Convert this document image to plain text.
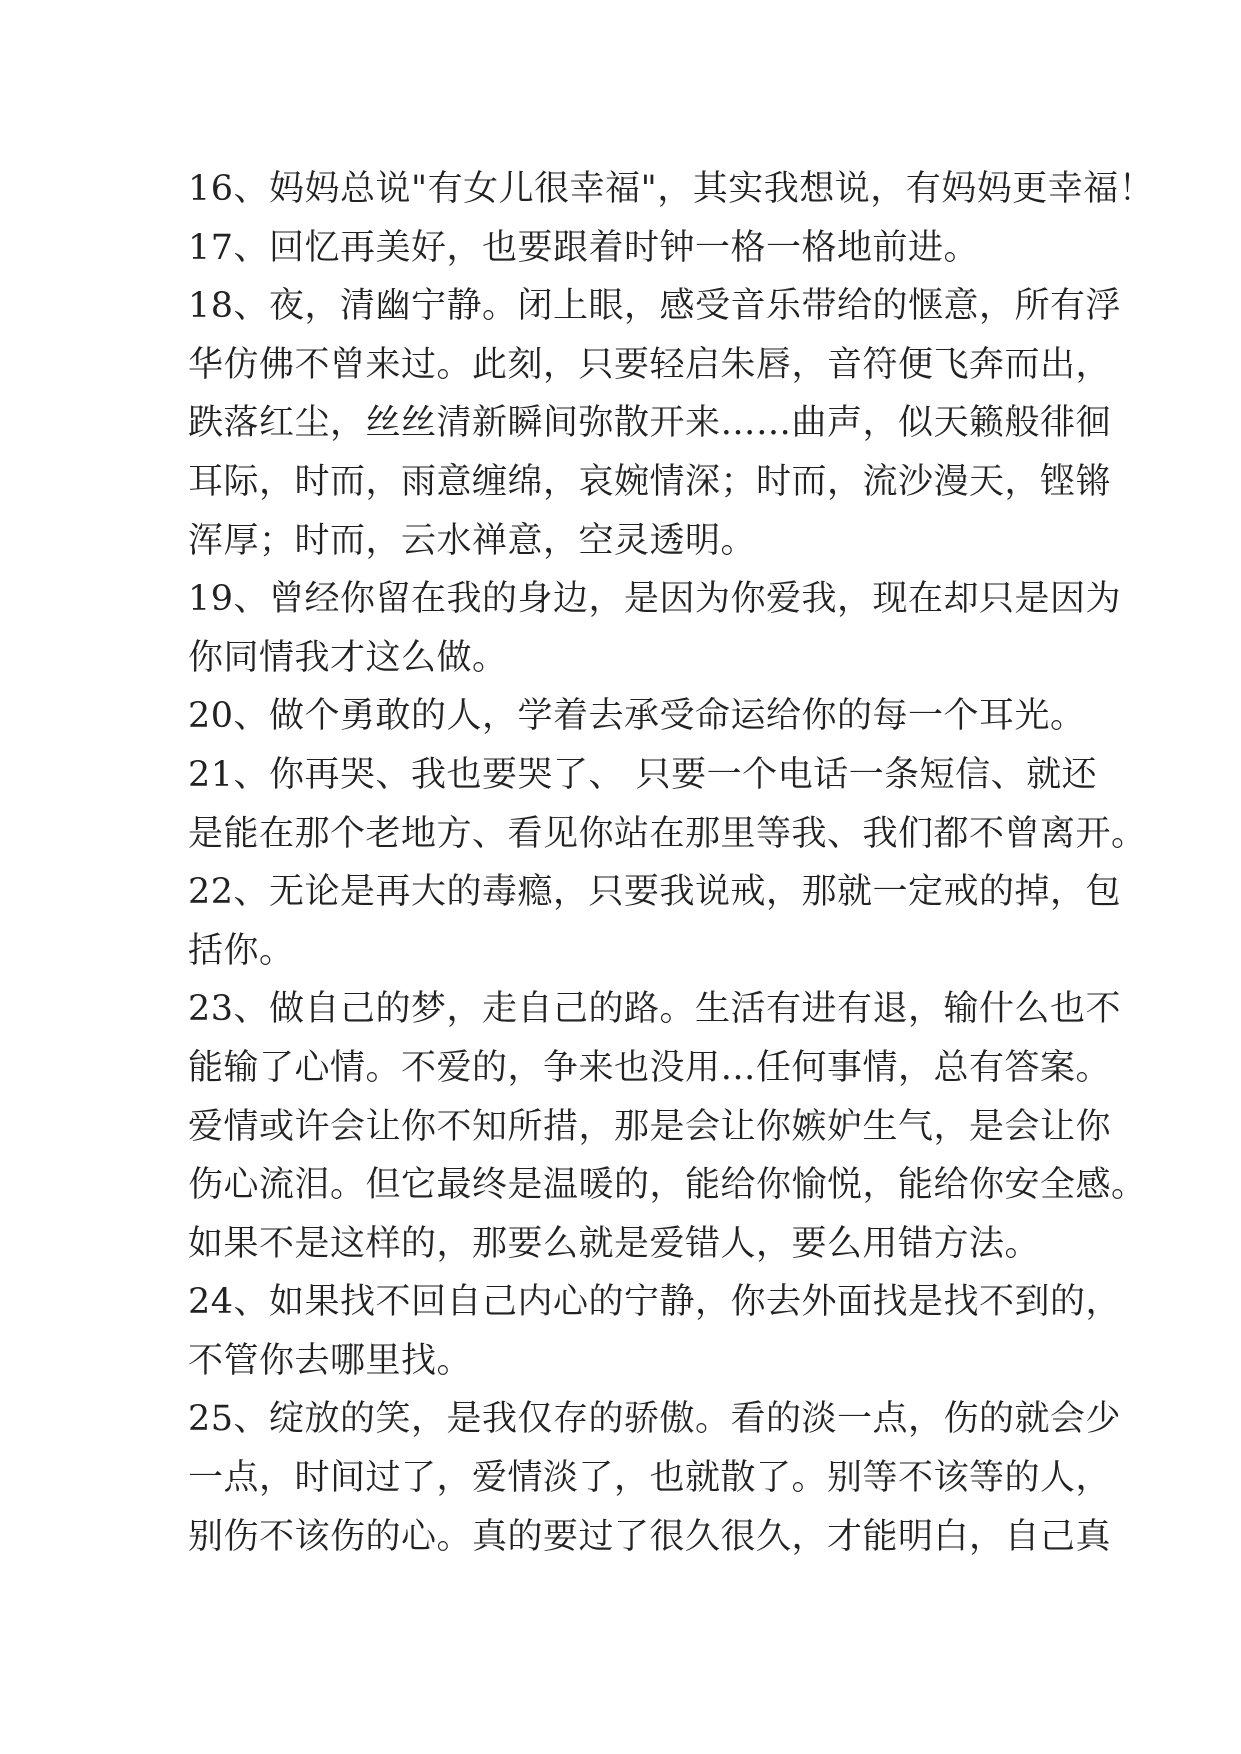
16、妈妈总说"有女儿很幸福"，其实我想说，有妈妈更幸福！
17、回忆再美好，也要跟着时钟一格一格地前进。
18、夜，清幽宁静。闭上眼，感受音乐带给的惬意，所有浮
华仿佛不曾来过。此刻，只要轻启朱唇，音符便飞奔而出，
跌落红尘，丝丝清新瞬间弥散开来……曲声，似天籁般徘徊
耳际，时而，雨意缠绵，哀婉情深；时而，流沙漫天，铿锵
浑厚；时而，云水禅意，空灵透明。
19、曾经你留在我的身边，是因为你爱我，现在却只是因为
你同情我才这么做。
20、做个勇敢的人，学着去承受命运给你的每一个耳光。
21、你再哭、我也要哭了、 只要一个电话一条短信、就还
是能在那个老地方、看见你站在那里等我、我们都不曾离开。
22、无论是再大的毒瘾，只要我说戒，那就一定戒的掉，包
括你。
23、做自己的梦，走自己的路。生活有进有退，输什么也不
能输了心情。不爱的，争来也没用…任何事情，总有答案。
爱情或许会让你不知所措，那是会让你嫉妒生气，是会让你
伤心流泪。但它最终是温暖的，能给你愉悦，能给你安全感。
如果不是这样的，那要么就是爱错人，要么用错方法。
24、如果找不回自己内心的宁静，你去外面找是找不到的，
不管你去哪里找。
25、绽放的笑，是我仅存的骄傲。看的淡一点，伤的就会少
一点，时间过了，爱情淡了，也就散了。别等不该等的人，
别伤不该伤的心。真的要过了很久很久，才能明白，自己真
